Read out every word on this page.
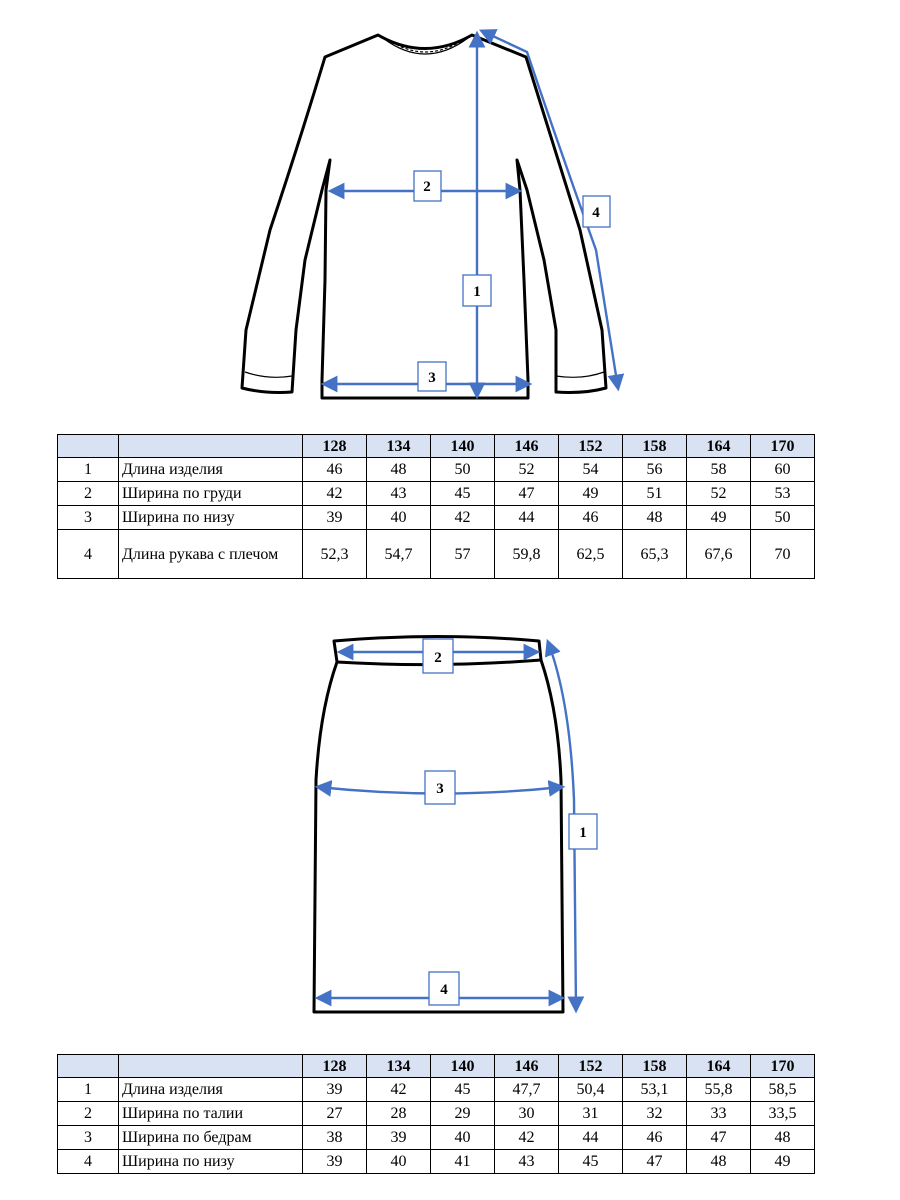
1
2
3
4
		128	134	140	146	152	158	164	170
1	Длина изделия	46	48	50	52	54	56	58	60
2	Ширина по груди	42	43	45	47	49	51	52	53
3	Ширина по низу	39	40	42	44	46	48	49	50
4	Длина рукава с плечом	52,3	54,7	57	59,8	62,5	65,3	67,6	70
1
2
3
4
		128	134	140	146	152	158	164	170
1	Длина изделия	39	42	45	47,7	50,4	53,1	55,8	58,5
2	Ширина по талии	27	28	29	30	31	32	33	33,5
3	Ширина по бедрам	38	39	40	42	44	46	47	48
4	Ширина по низу	39	40	41	43	45	47	48	49
